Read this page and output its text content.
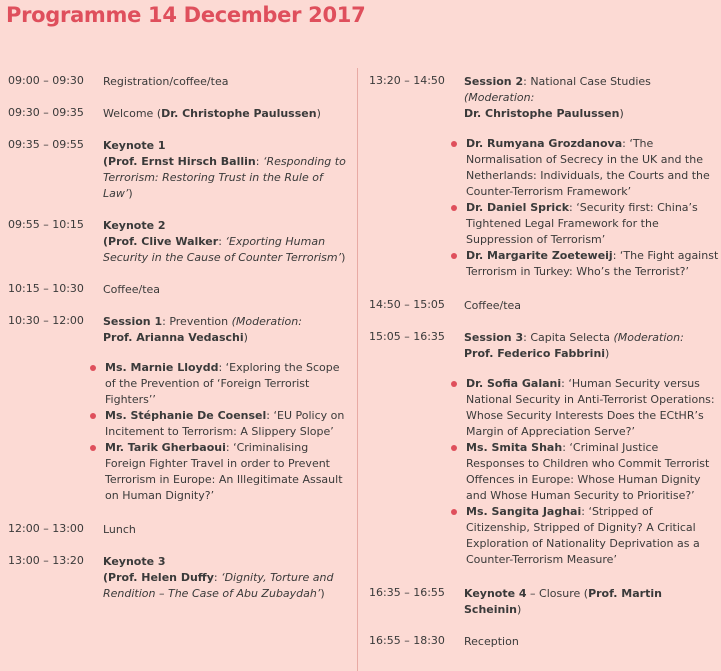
Programme 14 December 2017
09:00 – 09:30 Registration/coffee/tea
09:30 – 09:35 Welcome (Dr. Christophe Paulussen)
09:35 – 09:55 Keynote 1
(Prof. Ernst Hirsch Ballin: ‘Responding to Terrorism: Restoring Trust in the Rule of Law’)
09:55 – 10:15 Keynote 2
(Prof. Clive Walker: ‘Exporting Human Security in the Cause of Counter Terrorism’)
10:15 – 10:30 Coffee/tea
10:30 – 12:00 Session 1: Prevention (Moderation:
Prof. Arianna Vedaschi)
Ms. Marnie Lloydd: ‘Exploring the Scope of the Prevention of ‘Foreign Terrorist Fighters’’
Ms. Stéphanie De Coensel: ‘EU Policy on Incitement to Terrorism: A Slippery Slope’
Mr. Tarik Gherbaoui: ‘Criminalising Foreign Fighter Travel in order to Prevent Terrorism in Europe: An Illegitimate Assault on Human Dignity?’
12:00 – 13:00 Lunch
13:00 – 13:20 Keynote 3
(Prof. Helen Duffy: ‘Dignity, Torture and Rendition – The Case of Abu Zubaydah’)
13:20 – 14:50 Session 2: National Case Studies (Moderation:
Dr. Christophe Paulussen)
Dr. Rumyana Grozdanova: ‘The Normalisation of Secrecy in the UK and the Netherlands: Individuals, the Courts and the Counter-Terrorism Framework’
Dr. Daniel Sprick: ‘Security first: China’s Tightened Legal Framework for the Suppression of Terrorism’
Dr. Margarite Zoeteweij: ‘The Fight against Terrorism in Turkey: Who’s the Terrorist?’
14:50 – 15:05 Coffee/tea
15:05 – 16:35 Session 3: Capita Selecta (Moderation:
Prof. Federico Fabbrini)
Dr. Sofia Galani: ‘Human Security versus National Security in Anti-Terrorist Operations: Whose Security Interests Does the ECtHR’s Margin of Appreciation Serve?’
Ms. Smita Shah: ‘Criminal Justice Responses to Children who Commit Terrorist Offences in Europe: Whose Human Dignity and Whose Human Security to Prioritise?’
Ms. Sangita Jaghai: ‘Stripped of Citizenship, Stripped of Dignity? A Critical Exploration of Nationality Deprivation as a Counter-Terrorism Measure’
16:35 – 16:55 Keynote 4 – Closure (Prof. Martin Scheinin)
16:55 – 18:30 Reception
